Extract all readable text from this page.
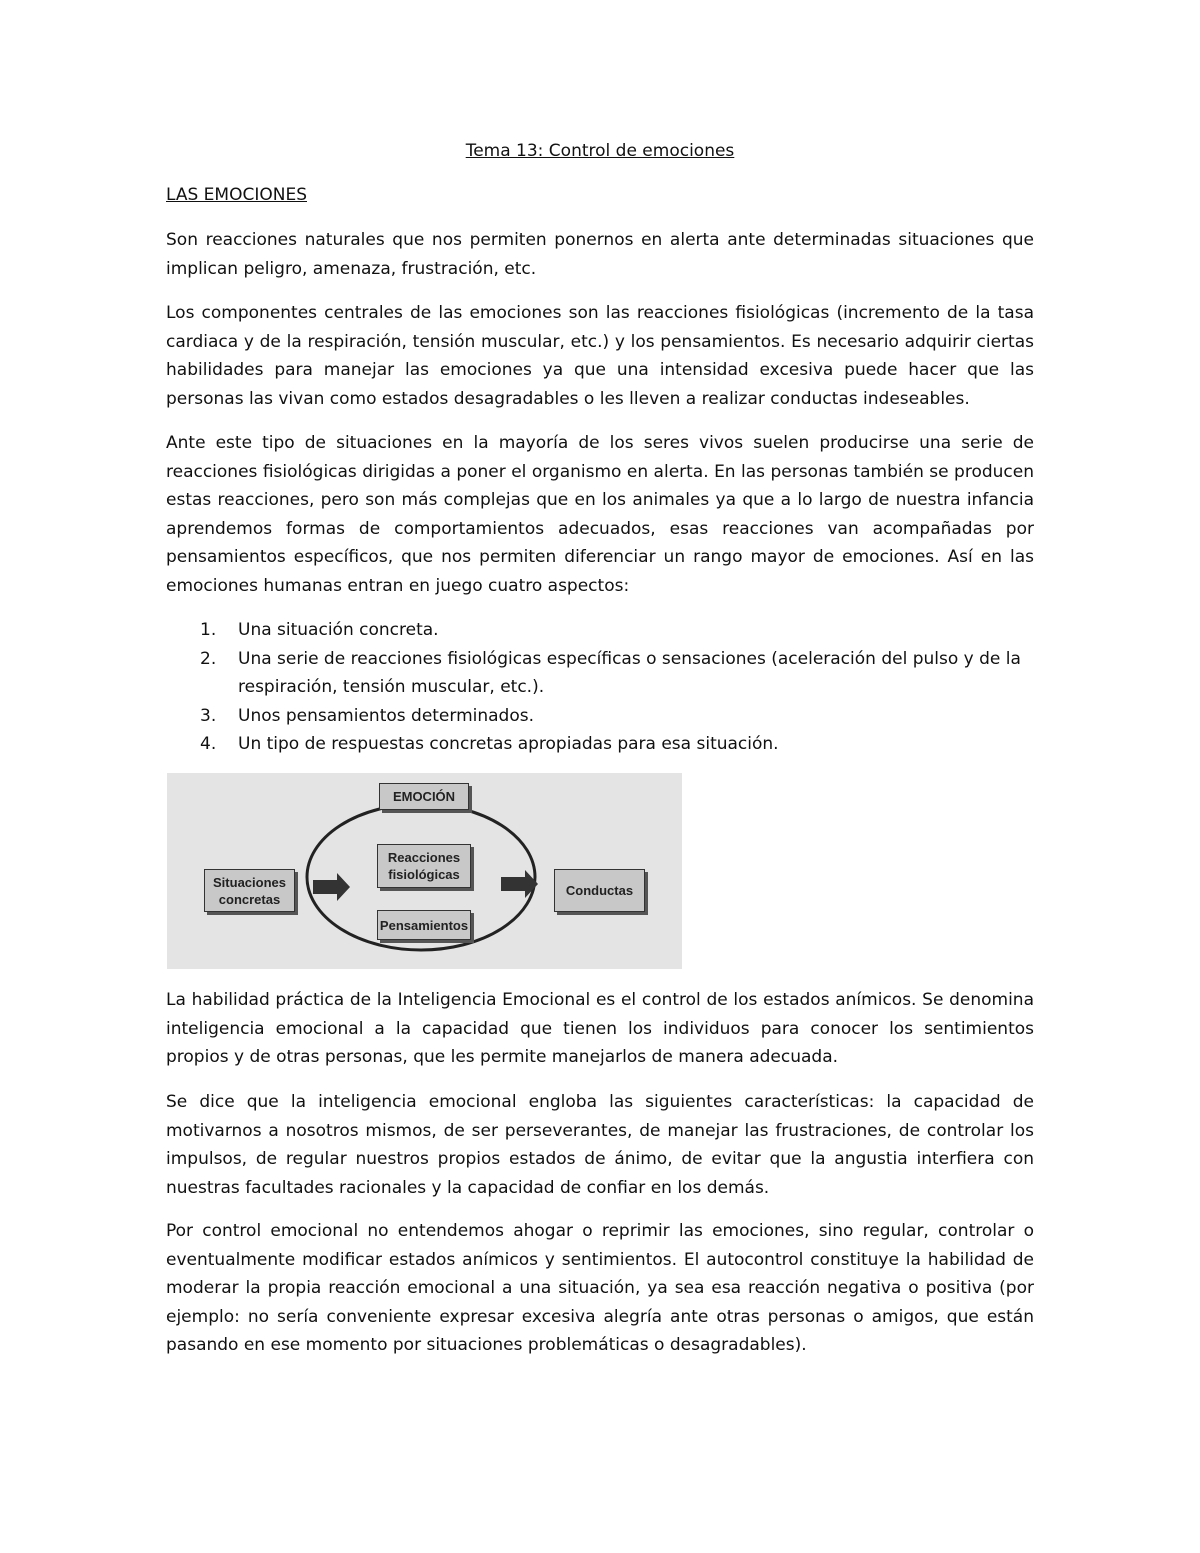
Tema 13: Control de emociones
LAS EMOCIONES

Son reacciones naturales que nos permiten ponernos en alerta ante determinadas situaciones que implican peligro, amenaza, frustración, etc.

Los componentes centrales de las emociones son las reacciones fisiológicas (incremento de la tasa cardiaca y de la respiración, tensión muscular, etc.) y los pensamientos. Es necesario adquirir ciertas habilidades para manejar las emociones ya que una intensidad excesiva puede hacer que las personas las vivan como estados desagradables o les lleven a realizar conductas indeseables.

Ante este tipo de situaciones en la mayoría de los seres vivos suelen producirse una serie de reacciones fisiológicas dirigidas a poner el organismo en alerta. En las personas también se producen estas reacciones, pero son más complejas que en los animales ya que a lo largo de nuestra infancia aprendemos formas de comportamientos adecuados, esas reacciones van acompañadas por pensamientos específicos, que nos permiten diferenciar un rango mayor de emociones. Así en las emociones humanas entran en juego cuatro aspectos:

1. Una situación concreta.
2. Una serie de reacciones fisiológicas específicas o sensaciones (aceleración del pulso y de la respiración, tensión muscular, etc.).
3. Unos pensamientos determinados.
4. Un tipo de respuestas concretas apropiadas para esa situación.
EMOCIÓN
Situaciones concretas
Reacciones fisiológicas
Pensamientos
Conductas

La habilidad práctica de la Inteligencia Emocional es el control de los estados anímicos. Se denomina inteligencia emocional a la capacidad que tienen los individuos para conocer los sentimientos propios y de otras personas, que les permite manejarlos de manera adecuada.

Se dice que la inteligencia emocional engloba las siguientes características: la capacidad de motivarnos a nosotros mismos, de ser perseverantes, de manejar las frustraciones, de controlar los impulsos, de regular nuestros propios estados de ánimo, de evitar que la angustia interfiera con nuestras facultades racionales y la capacidad de confiar en los demás.

Por control emocional no entendemos ahogar o reprimir las emociones, sino regular, controlar o eventualmente modificar estados anímicos y sentimientos. El autocontrol constituye la habilidad de moderar la propia reacción emocional a una situación, ya sea esa reacción negativa o positiva (por ejemplo: no sería conveniente expresar excesiva alegría ante otras personas o amigos, que están pasando en ese momento por situaciones problemáticas o desagradables).
